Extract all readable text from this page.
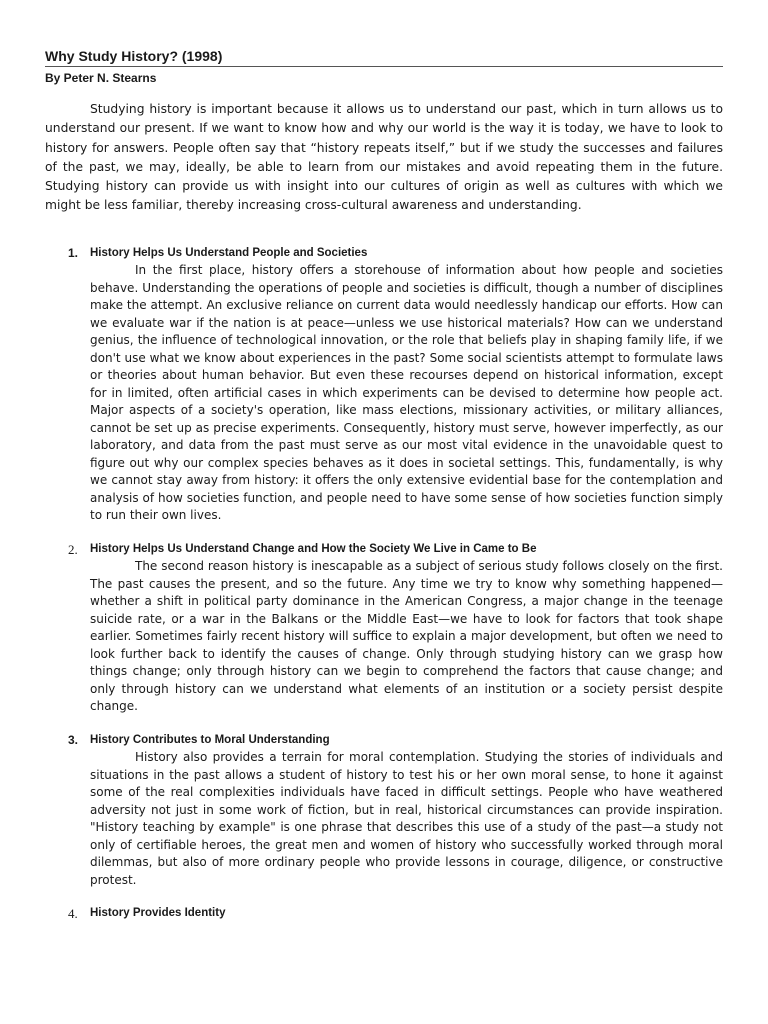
Why Study History? (1998)
By Peter N. Stearns

Studying history is important because it allows us to understand our past, which in turn allows us to understand our present. If we want to know how and why our world is the way it is today, we have to look to history for answers. People often say that “history repeats itself,” but if we study the successes and failures of the past, we may, ideally, be able to learn from our mistakes and avoid repeating them in the future. Studying history can provide us with insight into our cultures of origin as well as cultures with which we might be less familiar, thereby increasing cross-cultural awareness and understanding.

1. History Helps Us Understand People and Societies

In the first place, history offers a storehouse of information about how people and societies behave. Understanding the operations of people and societies is difficult, though a number of disciplines make the attempt. An exclusive reliance on current data would needlessly handicap our efforts. How can we evaluate war if the nation is at peace—unless we use historical materials? How can we understand genius, the influence of technological innovation, or the role that beliefs play in shaping family life, if we don't use what we know about experiences in the past? Some social scientists attempt to formulate laws or theories about human behavior. But even these recourses depend on historical information, except for in limited, often artificial cases in which experiments can be devised to determine how people act. Major aspects of a society's operation, like mass elections, missionary activities, or military alliances, cannot be set up as precise experiments. Consequently, history must serve, however imperfectly, as our laboratory, and data from the past must serve as our most vital evidence in the unavoidable quest to figure out why our complex species behaves as it does in societal settings. This, fundamentally, is why we cannot stay away from history: it offers the only extensive evidential base for the contemplation and analysis of how societies function, and people need to have some sense of how societies function simply to run their own lives.

2. History Helps Us Understand Change and How the Society We Live in Came to Be

The second reason history is inescapable as a subject of serious study follows closely on the first. The past causes the present, and so the future. Any time we try to know why something happened—whether a shift in political party dominance in the American Congress, a major change in the teenage suicide rate, or a war in the Balkans or the Middle East—we have to look for factors that took shape earlier. Sometimes fairly recent history will suffice to explain a major development, but often we need to look further back to identify the causes of change. Only through studying history can we grasp how things change; only through history can we begin to comprehend the factors that cause change; and only through history can we understand what elements of an institution or a society persist despite change.

3. History Contributes to Moral Understanding

History also provides a terrain for moral contemplation. Studying the stories of individuals and situations in the past allows a student of history to test his or her own moral sense, to hone it against some of the real complexities individuals have faced in difficult settings. People who have weathered adversity not just in some work of fiction, but in real, historical circumstances can provide inspiration. "History teaching by example" is one phrase that describes this use of a study of the past—a study not only of certifiable heroes, the great men and women of history who successfully worked through moral dilemmas, but also of more ordinary people who provide lessons in courage, diligence, or constructive protest.

4. History Provides Identity
